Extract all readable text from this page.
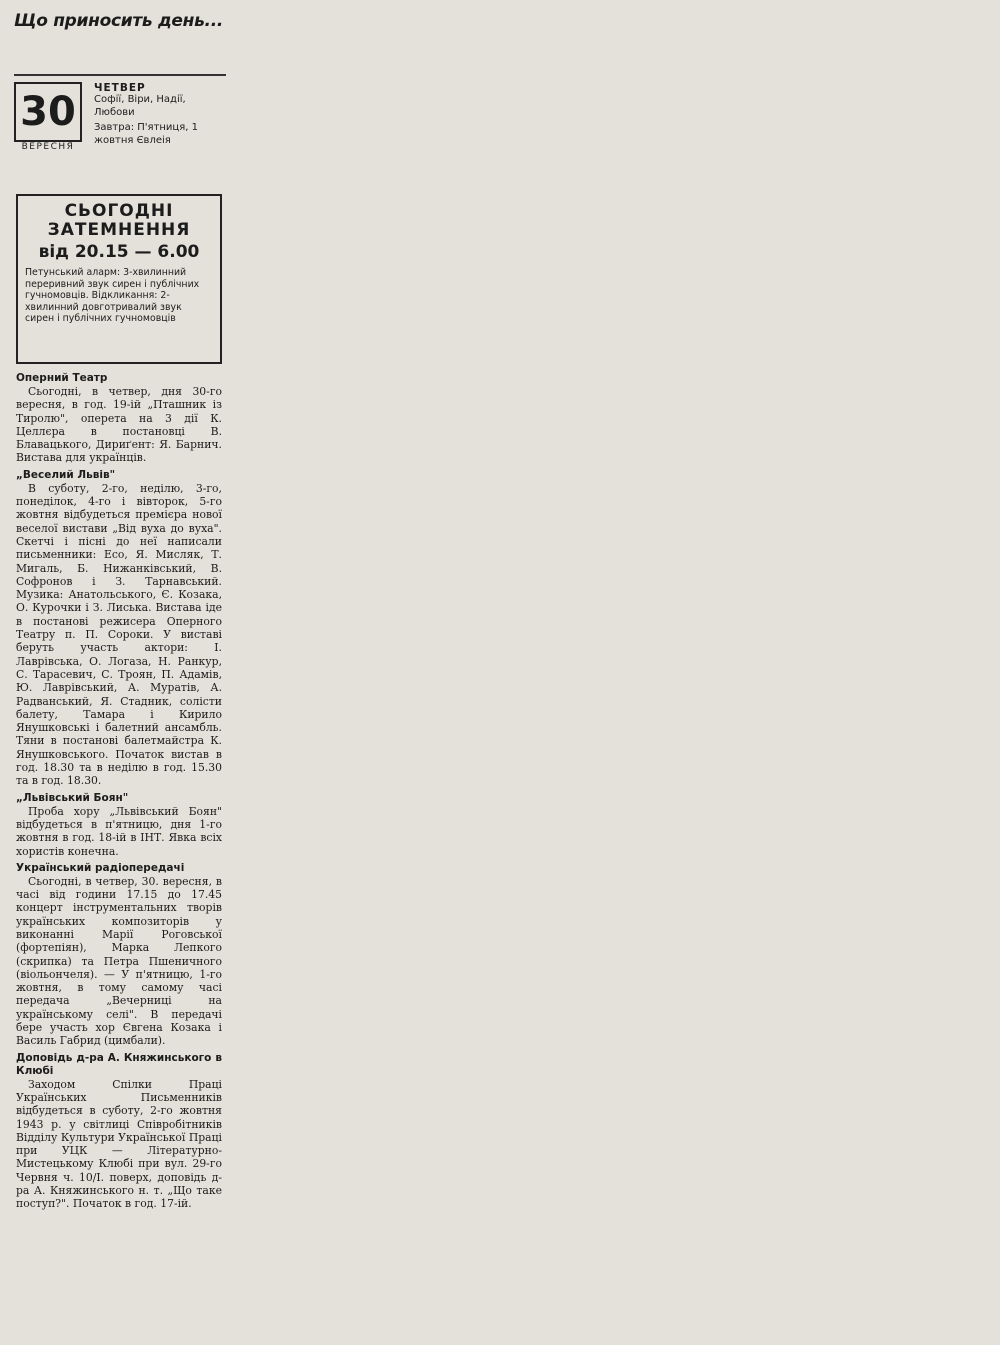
Що приносить день...
30
ВЕРЕСНЯ
ЧЕТВЕР
Софії, Віри, Надії, Любови
Завтра: П'ятниця, 1 жовтня Євлеія
СЬОГОДНІ ЗАТЕМНЕННЯ
від 20.15 — 6.00
Петунський аларм: 3-хвилинний переривний звук сирен і публічних гучномовців. Відкликання: 2-хвилинний довготривалий звук сирен і публічних гучномовців
Оперний Театр

Сьогодні, в четвер, дня 30-го вересня, в год. 19-ій „Пташник із Тиролю", оперета на 3 дії К. Целлєра в постановці В. Блавацького, Дириґент: Я. Барнич. Вистава для українців.

„Веселий Львів"

В суботу, 2-го, неділю, 3-го, понеділок, 4-го і вівторок, 5-го жовтня відбудеться премієра нової веселої вистави „Від вуха до вуха". Скетчі і пісні до неї написали письменники: Ecо, Я. Мисляк, Т. Мигаль, Б. Нижанківський, В. Софронов і З. Тарнавський. Музика: Анатольського, Є. Козака, О. Курочки і З. Лиська. Вистава іде в постанові режисера Оперного Театру п. П. Сороки. У виставі беруть участь актори: І. Лаврівська, О. Логаза, Н. Ранкур, С. Тарасевич, С. Троян, П. Адамів, Ю. Лаврівський, А. Муратів, А. Радванський, Я. Стадник, солісти балету, Тамара і Кирило Янушковські і балетний ансамбль. Тяни в постанові балетмайстра К. Янушковського. Початок вистав в год. 18.30 та в неділю в год. 15.30 та в год. 18.30.

„Львівський Боян"

Проба хору „Львівський Боян" відбудеться в п'ятницю, дня 1-го жовтня в год. 18-ій в ІНТ. Явка всіх хористів конечна.

Український радіопередачі

Сьогодні, в четвер, 30. вересня, в часі від години 17.15 до 17.45 концерт інструментальних творів українських композиторів у виконанні Марії Роговської (фортепіян), Марка Лепкого (скрипка) та Петра Пшеничного (віольончеля). — У п'ятницю, 1-го жовтня, в тому самому часі передача „Вечерниці на українському селі". В передачі бере участь хор Євгена Козака і Василь Габрид (цимбали).

Доповідь д-ра А. Княжинського в Клюбі

Заходом Спілки Праці Українських Письменників відбудеться в суботу, 2-го жовтня 1943 р. у світлиці Співробітників Відділу Культури Української Праці при УЦК — Літературно-Мистецькому Клюбі при вул. 29-го Червня ч. 10/І. поверх, доповідь д-ра А. Княжинського н. т. „Що таке поступ?". Початок в год. 17-ій.
